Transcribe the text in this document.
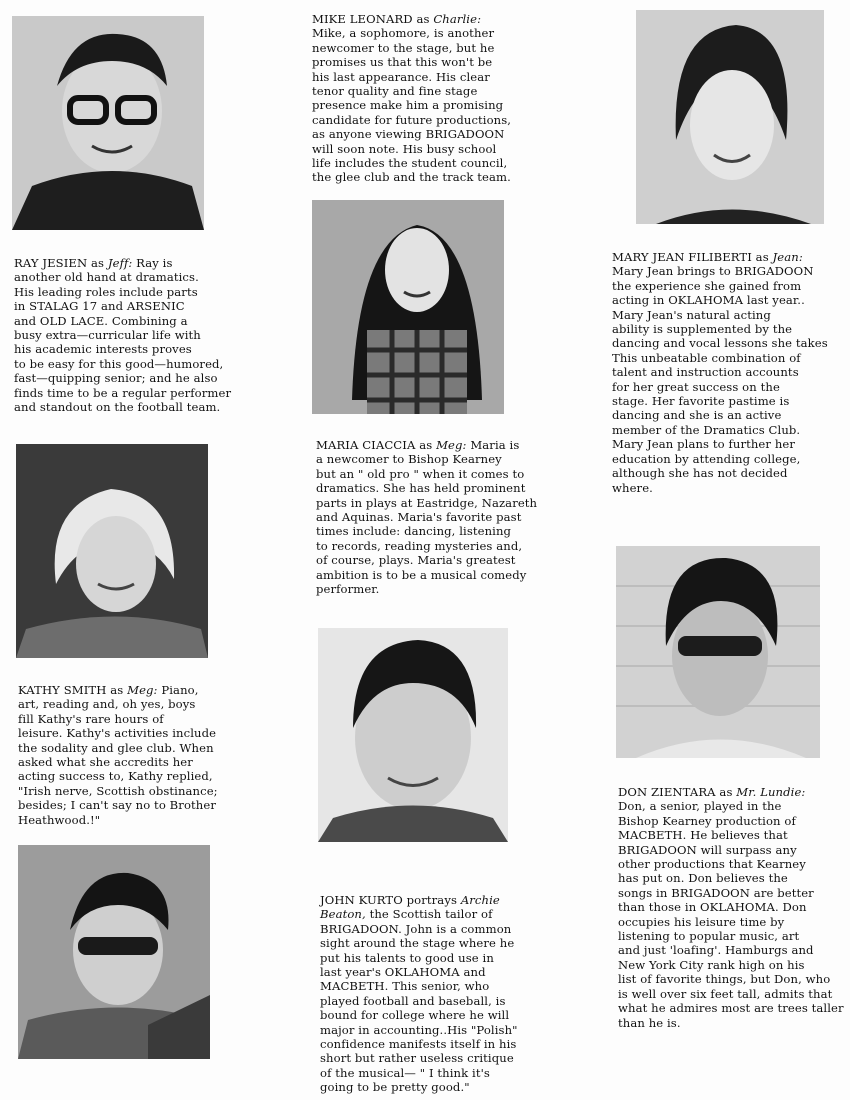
RAY JESIEN as Jeff: Ray is
another old hand at dramatics.
His leading roles include parts
in STALAG 17 and ARSENIC
and OLD LACE. Combining a
busy extra—curricular life with
his academic interests proves
to be easy for this good—humored,
fast—quipping senior; and he also
finds time to be a regular performer
and standout on the football team.
KATHY SMITH as Meg: Piano,
art, reading and, oh yes, boys
fill Kathy's rare hours of
leisure. Kathy's activities include
the sodality and glee club. When
asked what she accredits her
acting success to, Kathy replied,
"Irish nerve, Scottish obstinance;
besides; I can't say no to Brother
Heathwood.!"
MIKE LEONARD as Charlie:
Mike, a sophomore, is another
newcomer to the stage, but he
promises us that this won't be
his last appearance. His clear
tenor quality and fine stage
presence make him a promising
candidate for future productions,
as anyone viewing BRIGADOON
will soon note. His busy school
life includes the student council,
the glee club and the track team.
MARIA CIACCIA as Meg: Maria is
a newcomer to Bishop Kearney
but an " old pro " when it comes to
dramatics. She has held prominent
parts in plays at Eastridge, Nazareth
and Aquinas. Maria's favorite past
times include: dancing, listening
to records, reading mysteries and,
of course, plays. Maria's greatest
ambition is to be a musical comedy
performer.
JOHN KURTO portrays Archie
Beaton, the Scottish tailor of
BRIGADOON. John is a common
sight around the stage where he
put his talents to good use in
last year's OKLAHOMA and
MACBETH. This senior, who
played football and baseball, is
bound for college where he will
major in accounting..His "Polish"
confidence manifests itself in his
short but rather useless critique
of the musical— " I think it's
going to be pretty good."
MARY JEAN FILIBERTI as Jean:
Mary Jean brings to BRIGADOON
the experience she gained from
acting in OKLAHOMA last year..
Mary Jean's natural acting
ability is supplemented by the
dancing and vocal lessons she takes
This unbeatable combination of
talent and instruction accounts
for her great success on the
stage. Her favorite pastime is
dancing and she is an active
member of the Dramatics Club.
Mary Jean plans to further her
education by attending college,
although she has not decided
where.
DON ZIENTARA as Mr. Lundie:
Don, a senior, played in the
Bishop Kearney production of
MACBETH. He believes that
BRIGADOON will surpass any
other productions that Kearney
has put on. Don believes the
songs in BRIGADOON are better
than those in OKLAHOMA. Don
occupies his leisure time by
listening to popular music, art
and just 'loafing'. Hamburgs and
New York City rank high on his
list of favorite things, but Don, who
is well over six feet tall, admits that
what he admires most are trees taller
than he is.
